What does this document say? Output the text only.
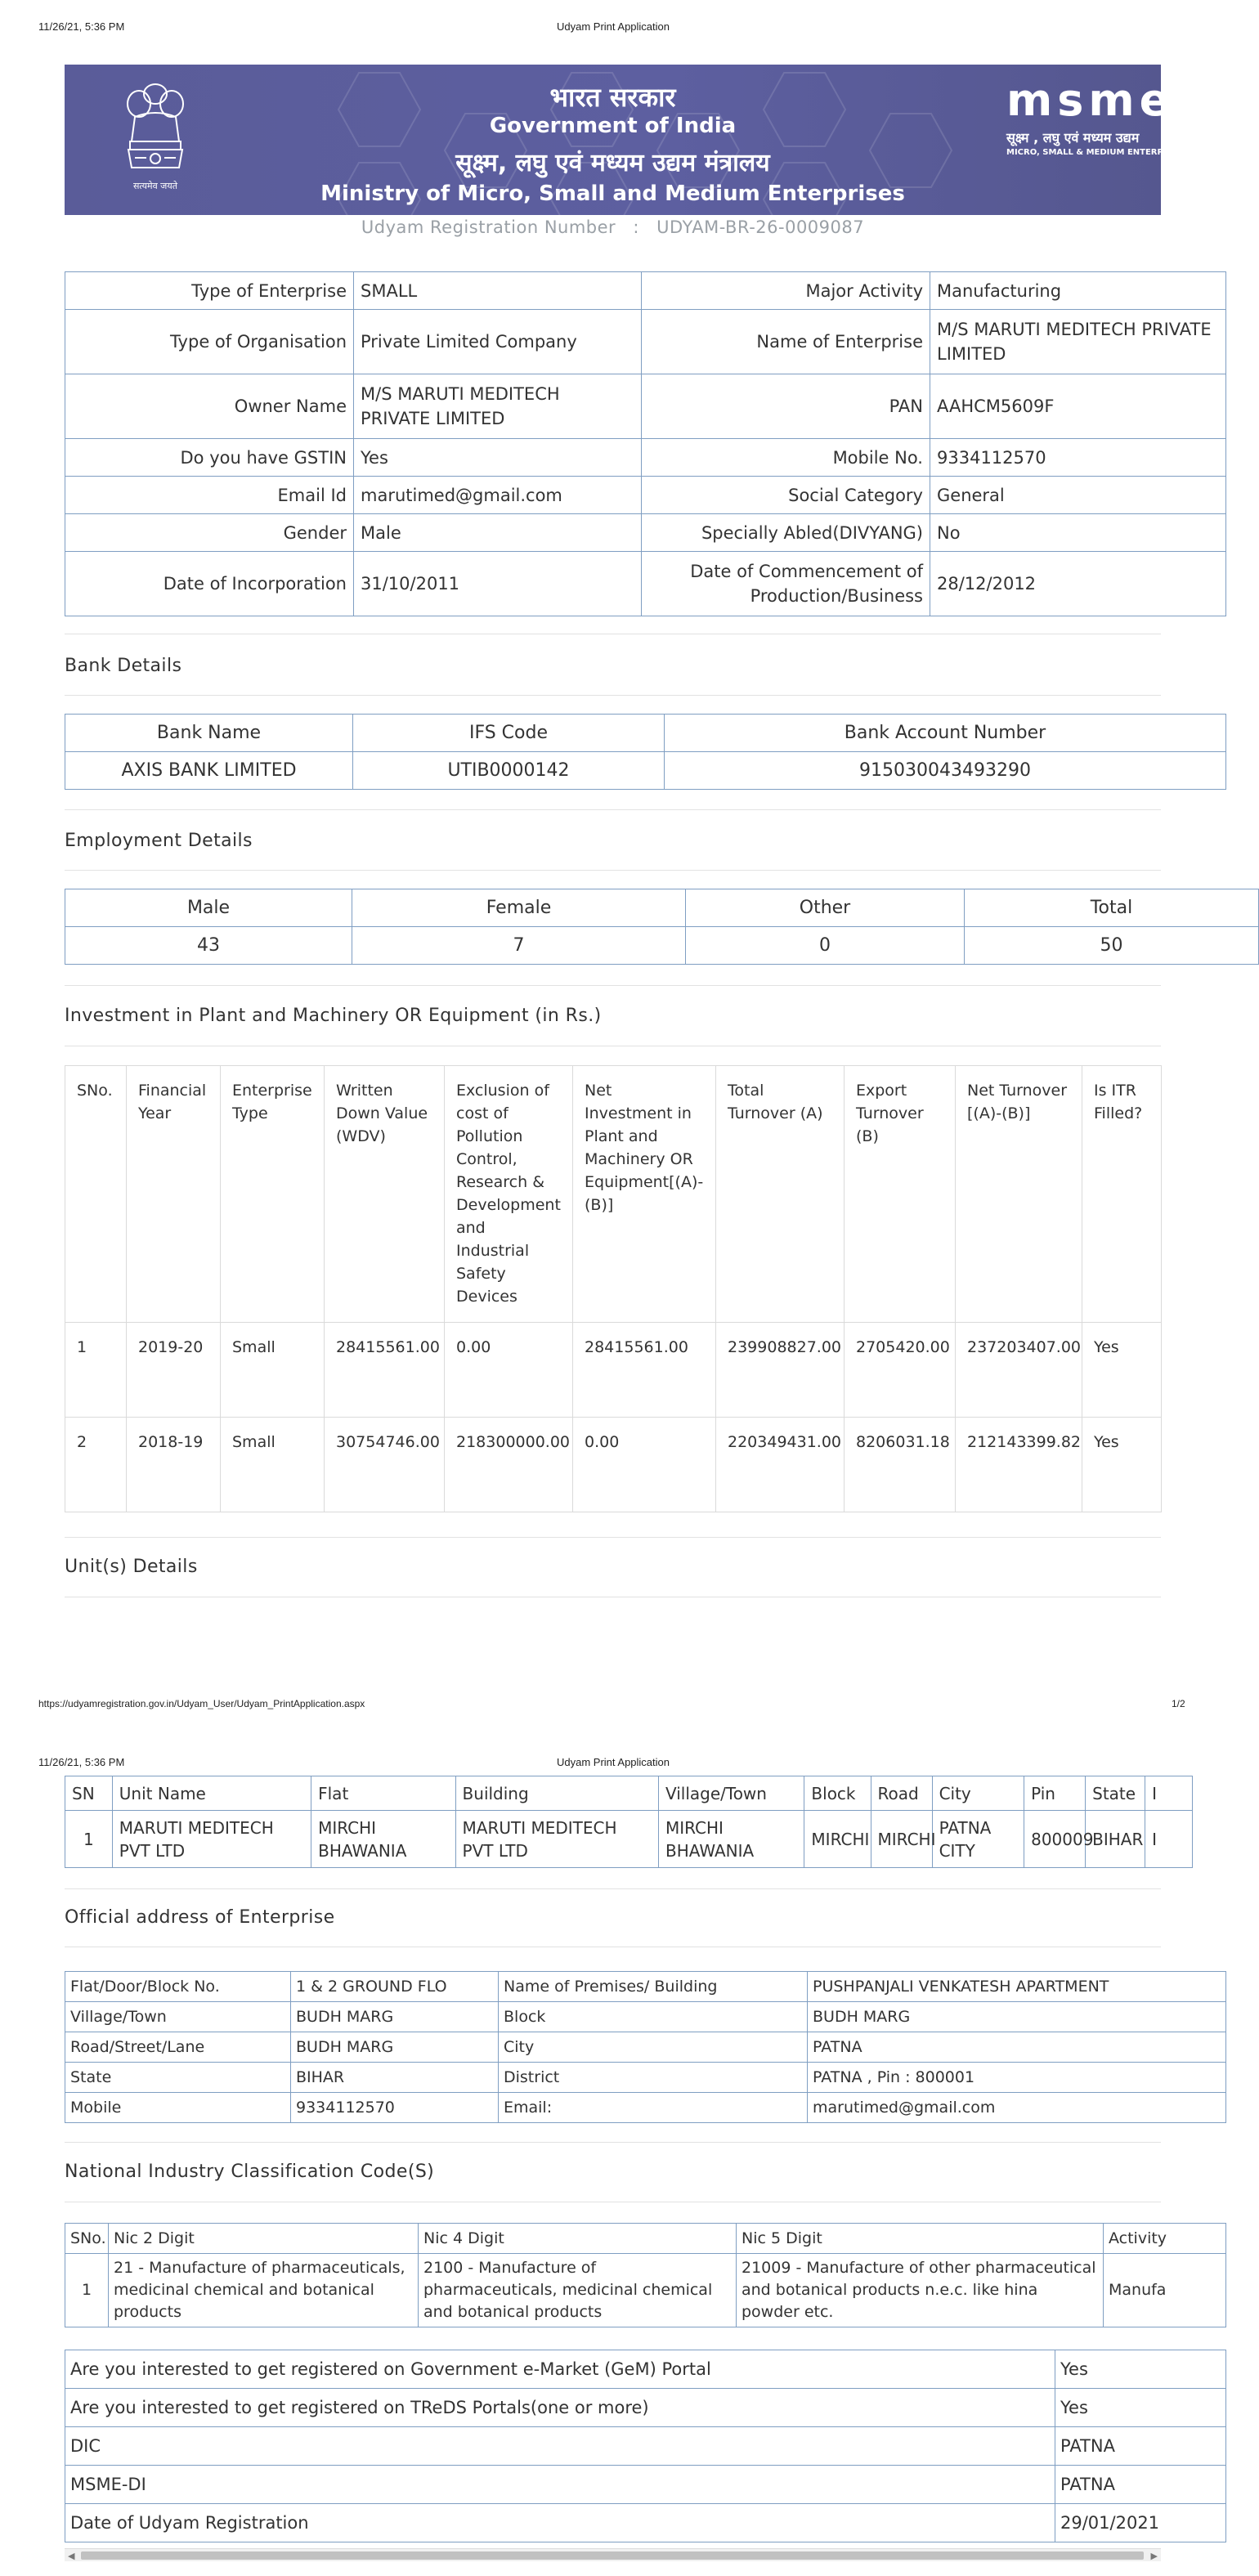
11/26/21, 5:36 PM	Udyam Print Application
सत्यमेव जयते
भारत सरकार
Government of India
सूक्ष्म, लघु एवं मध्यम उद्यम मंत्रालय
Ministry of Micro, Small and Medium Enterprises
msme
सूक्ष्म , लघु एवं मध्यम उद्यम
MICRO, SMALL & MEDIUM ENTERPRISES
Udyam Registration Number : UDYAM-BR-26-0009087
Type of Enterprise	SMALL	Major Activity	Manufacturing
Type of Organisation	Private Limited Company	Name of Enterprise	M/S MARUTI MEDITECH PRIVATE LIMITED
Owner Name	M/S MARUTI MEDITECH PRIVATE LIMITED	PAN	AAHCM5609F
Do you have GSTIN	Yes	Mobile No.	9334112570
Email Id	marutimed@gmail.com	Social Category	General
Gender	Male	Specially Abled(DIVYANG)	No
Date of Incorporation	31/10/2011	Date of Commencement of Production/Business	28/12/2012
Bank Details
Bank Name	IFS Code	Bank Account Number
AXIS BANK LIMITED	UTIB0000142	915030043493290
Employment Details
Male	Female	Other	Total
43	7	0	50
Investment in Plant and Machinery OR Equipment (in Rs.)
SNo.	Financial Year	Enterprise Type	Written Down Value (WDV)	Exclusion of cost of Pollution Control, Research & Development and Industrial Safety Devices	Net Investment in Plant and Machinery OR Equipment[(A)-(B)]	Total Turnover (A)	Export Turnover (B)	Net Turnover [(A)-(B)]	Is ITR Filled?
1	2019-20	Small	28415561.00	0.00	28415561.00	239908827.00	2705420.00	237203407.00	Yes
2	2018-19	Small	30754746.00	218300000.00	0.00	220349431.00	8206031.18	212143399.82	Yes
Unit(s) Details
https://udyamregistration.gov.in/Udyam_User/Udyam_PrintApplication.aspx	1/2
11/26/21, 5:36 PM	Udyam Print Application
SN	Unit Name	Flat	Building	Village/Town	Block	Road	City	Pin	State	I
1	MARUTI MEDITECH PVT LTD	MIRCHI BHAWANIA	MARUTI MEDITECH PVT LTD	MIRCHI BHAWANIA	MIRCHI	MIRCHI	PATNA CITY	800009	BIHAR	I
Official address of Enterprise
Flat/Door/Block No.	1 & 2 GROUND FLO	Name of Premises/ Building	PUSHPANJALI VENKATESH APARTMENT
Village/Town	BUDH MARG	Block	BUDH MARG
Road/Street/Lane	BUDH MARG	City	PATNA
State	BIHAR	District	PATNA , Pin : 800001
Mobile	9334112570	Email:	marutimed@gmail.com
National Industry Classification Code(S)
SNo.	Nic 2 Digit	Nic 4 Digit	Nic 5 Digit	Activity
1	21 - Manufacture of pharmaceuticals, medicinal chemical and botanical products	2100 - Manufacture of pharmaceuticals, medicinal chemical and botanical products	21009 - Manufacture of other pharmaceutical and botanical products n.e.c. like hina powder etc.	Manufa
Are you interested to get registered on Government e-Market (GeM) Portal	Yes
Are you interested to get registered on TReDS Portals(one or more)	Yes
DIC	PATNA
MSME-DI	PATNA
Date of Udyam Registration	29/01/2021
◀	▶
